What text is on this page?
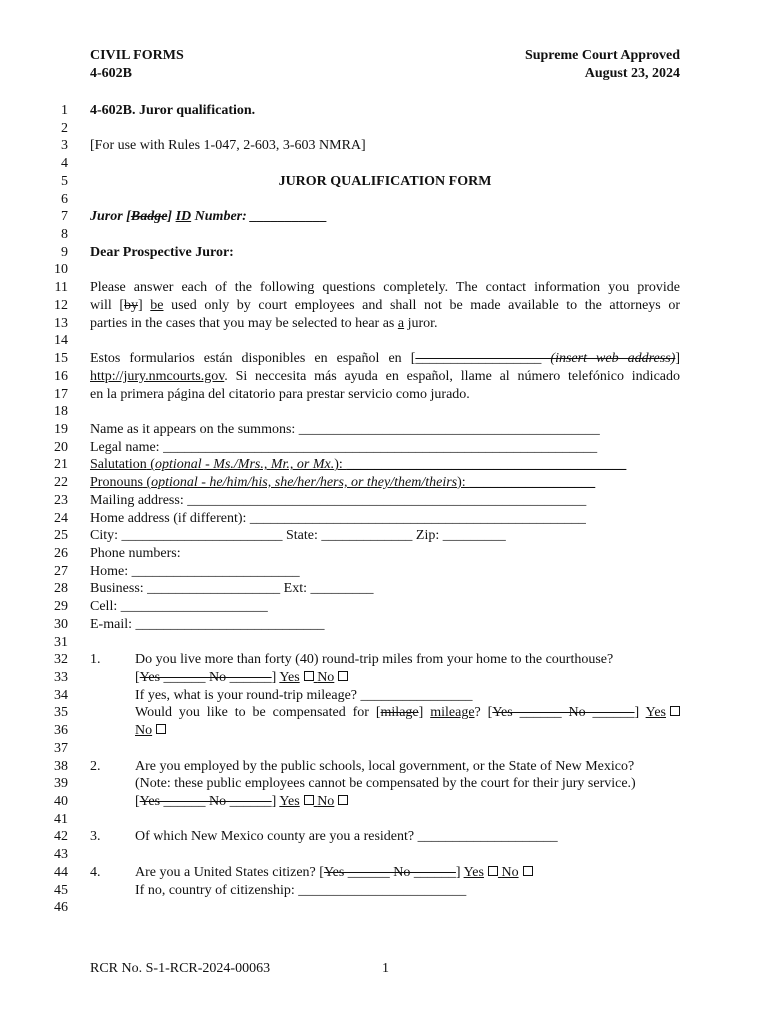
CIVIL FORMS
4-602B
Supreme Court Approved
August 23, 2024
1 4-602B. Juror qualification.
2
3 [For use with Rules 1-047, 2-603, 3-603 NMRA]
4
5	JUROR QUALIFICATION FORM
6
7 Juror [Badge] ID Number: ___________
8
9 Dear Prospective Juror:
10
11 Please answer each of the following questions completely. The contact information you provide
12 will [by] be used only by court employees and shall not be made available to the attorneys or
13 parties in the cases that you may be selected to hear as a juror.
14
15 Estos formularios están disponibles en español en [__________________ (insert web address)]
16 http://jury.nmcourts.gov. Si neccesita más ayuda en español, llame al número telefónico indicado
17 en la primera página del citatorio para prestar servicio como jurado.
18
19 Name as it appears on the summons: ___________________________________________
20 Legal name: ______________________________________________________________
21 Salutation (optional - Ms./Mrs., Mr., or Mx.): ________________________________________
22 Pronouns (optional - he/him/his, she/her/hers, or they/them/theirs): __________________
23 Mailing address: _________________________________________________________
24 Home address (if different): ________________________________________________
25 City: _______________________ State: _____________ Zip: _________
26 Phone numbers:
27 Home: ________________________
28 Business: ___________________ Ext: _________
29 Cell: _____________________
30 E-mail: ___________________________
31
32 1. Do you live more than forty (40) round-trip miles from your home to the courthouse?
33	[Yes ______ No ______] Yes No
34	If yes, what is your round-trip mileage? ________________
35	Would you like to be compensated for [milage] mileage? [Yes ______ No ______] Yes
36	No
37
38 2. Are you employed by the public schools, local government, or the State of New Mexico?
39	(Note: these public employees cannot be compensated by the court for their jury service.)
40	[Yes ______ No ______] Yes No
41
42 3. Of which New Mexico county are you a resident? ____________________
43
44 4. Are you a United States citizen? [Yes ______ No ______] Yes No
45	If no, country of citizenship: ________________________
46
RCR No. S-1-RCR-2024-00063	1
